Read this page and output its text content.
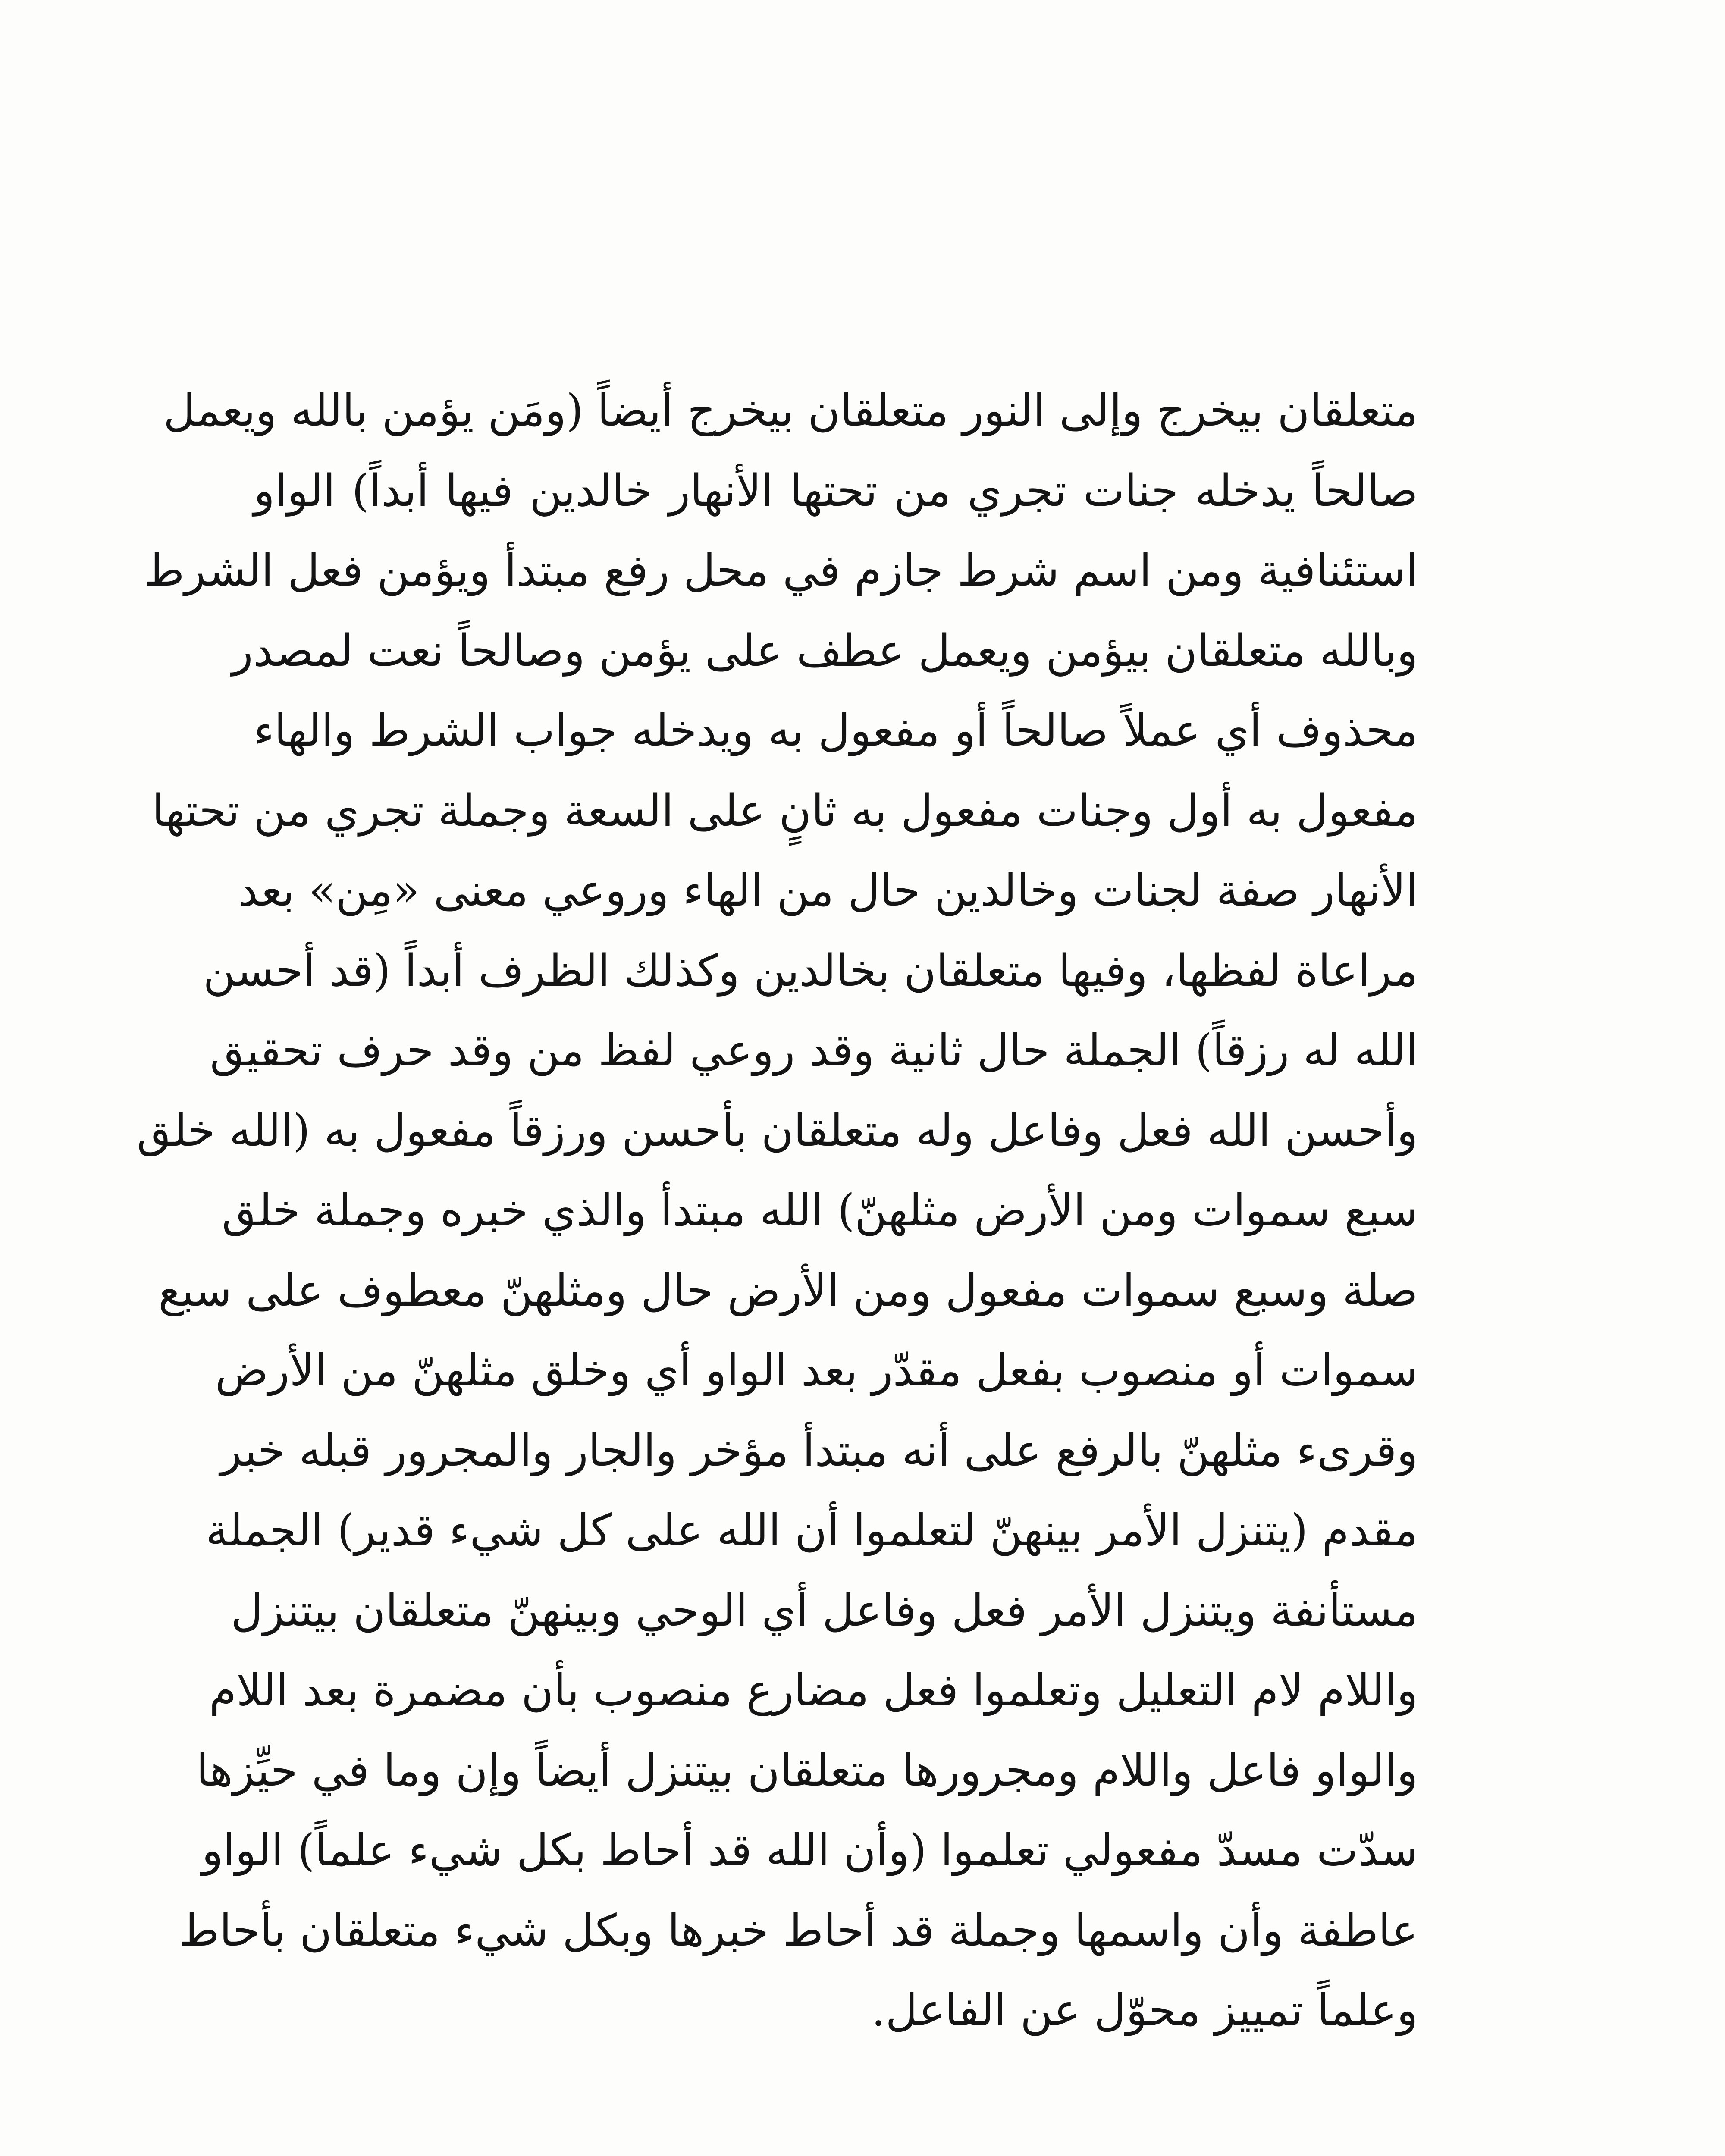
متعلقان بيخرج وإلى النور متعلقان بيخرج أيضاً (ومَن يؤمن بالله ويعمل
صالحاً يدخله جنات تجري من تحتها الأنهار خالدين فيها أبداً) الواو
استئنافية ومن اسم شرط جازم في محل رفع مبتدأ ويؤمن فعل الشرط
وبالله متعلقان بيؤمن ويعمل عطف على يؤمن وصالحاً نعت لمصدر
محذوف أي عملاً صالحاً أو مفعول به ويدخله جواب الشرط والهاء
مفعول به أول وجنات مفعول به ثانٍ على السعة وجملة تجري من تحتها
الأنهار صفة لجنات وخالدين حال من الهاء وروعي معنى «مِن» بعد
مراعاة لفظها، وفيها متعلقان بخالدين وكذلك الظرف أبداً (قد أحسن
الله له رزقاً) الجملة حال ثانية وقد روعي لفظ من وقد حرف تحقيق
وأحسن الله فعل وفاعل وله متعلقان بأحسن ورزقاً مفعول به (الله خلق
سبع سموات ومن الأرض مثلهنّ) الله مبتدأ والذي خبره وجملة خلق
صلة وسبع سموات مفعول ومن الأرض حال ومثلهنّ معطوف على سبع
سموات أو منصوب بفعل مقدّر بعد الواو أي وخلق مثلهنّ من الأرض
وقرىء مثلهنّ بالرفع على أنه مبتدأ مؤخر والجار والمجرور قبله خبر
مقدم (يتنزل الأمر بينهنّ لتعلموا أن الله على كل شيء قدير) الجملة
مستأنفة ويتنزل الأمر فعل وفاعل أي الوحي وبينهنّ متعلقان بيتنزل
واللام لام التعليل وتعلموا فعل مضارع منصوب بأن مضمرة بعد اللام
والواو فاعل واللام ومجرورها متعلقان بيتنزل أيضاً وإن وما في حيِّزها
سدّت مسدّ مفعولي تعلموا (وأن الله قد أحاط بكل شيء علماً) الواو
عاطفة وأن واسمها وجملة قد أحاط خبرها وبكل شيء متعلقان بأحاط
وعلماً تمييز محوّل عن الفاعل.
